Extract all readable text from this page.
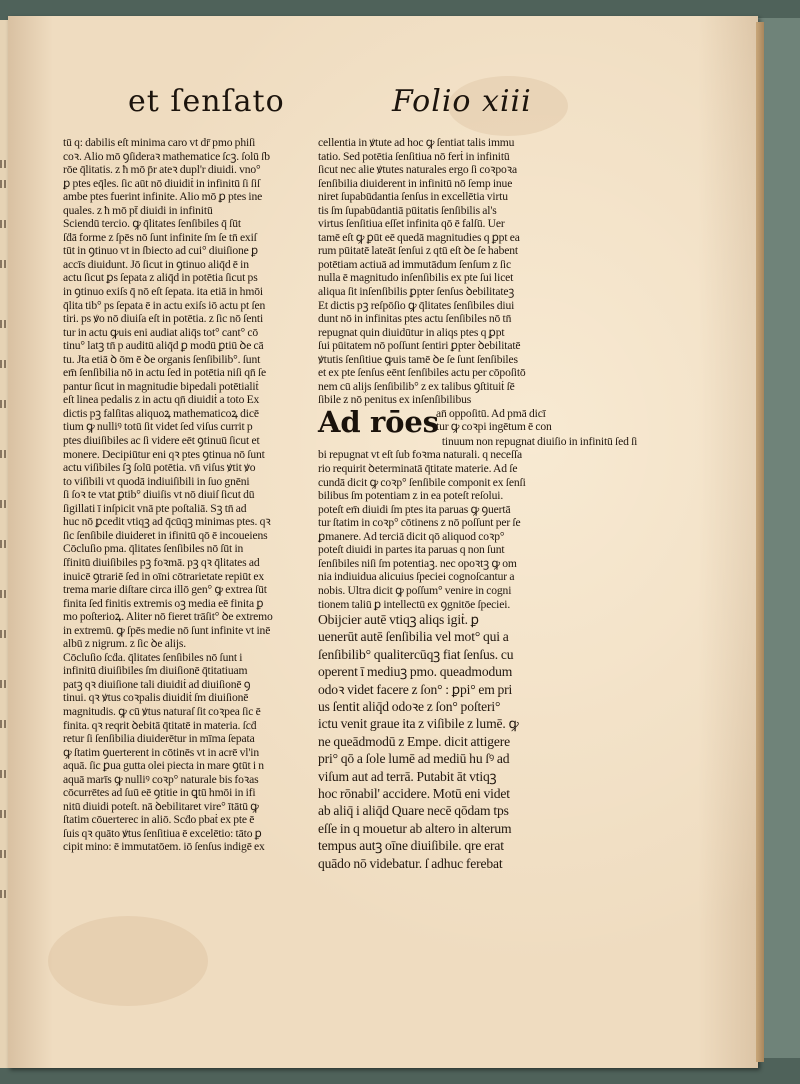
et ſenſato	Folio xiii
tū q: dabilis eſt minima caro vt dr̄ pmo phiſi
coꝛ. Alio mō ꝯſideraꝛ mathematice ſcꝫ. ſolū ſb
rōe q̄litatis. z ħ mō p̄r ateꝛ dupl'r diuidi. vno°
ꝑ ptes eq̄les. ſic aūt nō diuidiṫ in infinitū ſi ſiſ
ambe ptes fuerint infinite. Alio mō ꝑ ptes ine
quales. z ħ mō pt̄ diuidi in infinitū
Sciendū tercio. ꝙ q̄litates ſenſibiles q̄ ſūt
ſḋā forme z ſpēs nō ſunt infinite ſm ſe tn̄ exiſ
tūt in ꝯtinuo vt in ſbiecto ad cui° diuiſione ꝑ
accīs diuidunt. Jō ſicut in ꝯtinuo aliq̄d ē in
actu ſicut ꝑs ſepata z aliq̄d in potētia ſicut ps
in ꝯtinuo exiſs q̄ nō eſt ſepata. ita etiā in hmōi
q̄lita tib° ps ſepata ē in actu exiſs iō actu pt ſen
tiri. ps ꝟo nō diuiſa eſt in potētia. z ſic nō ſenti
tur in actu ꝙuis eni audiat aliq̄s tot° cant° cō
tinu° latꝫ tn̄ p auditū aliq̄d ꝑ modū ꝑtiū ꝺe cā
tu. Jta etiā ꝺ ōm ē ꝺe organis ſenſibilib°. ſunt
em̄ ſenſibilia nō in actu ſed in potētia niſi qn̄ ſe
pantur ſicut in magnitudie bipedali potētialiṫ
eſt linea pedalis z in actu qn̄ diuidiṫ a toto Ex
dictis pꝫ falſitas aliquoꝝ mathematicoꝝ dicē
tium ꝙ nulliꝰ totū ſit videt ſed viſus currit p
ptes diuiſibiles ac ſi videre eēt ꝯtinuū ſicut et
monere. Decipiūtur eni qꝛ ptes ꝯtinua nō ſunt
actu viſibiles ſꝫ ſolū potētia. vn̄ viſus ꝟtit ꝟo
to viſibili vt quodā indiuiſibili in ſuo gnēni
ſi ſoꝛ te vtat ꝑtib° diuiſis vt nō diuiſ ſicut dū
ſigillati ī inſpicit vnā pte poſtaliā. Sꝫ tn̄ ad
huc nō ꝑcedit vtiqꝫ ad q̄cūqꝫ minimas ptes. qꝛ
ſic ſenſibile diuideret in ifinitū qō ē incoueiens
Cōcluſio pma. q̄litates ſenſibiles nō ſūt in
ſfinitū diuiſibiles pꝫ foꝛmā. pꝫ qꝛ q̄litates ad
inuicē ꝯtrariē ſed in oīni cōtrarietate repiūt ex
trema marie diſtare circa illō gen° ꝙ extrea ſūt
finita ſed finitis extremis oꝫ media eē finita ꝑ
mo poſterioꝝ. Aliter nō fieret trāſit° ꝺe extremo
in extremū. ꝙ ſpēs medie nō ſunt infinite vt inē
albū z nigrum. z ſic ꝺe alijs.
Cōcluſio ſcḋa. q̄litates ſenſibiles nō ſunt i
infinitū diuiſibiles ſm diuiſionē q̄titatiuam
patꝫ qꝛ diuiſione tali diuidiṫ ad diuiſionē ꝯ
tinui. qꝛ ꝟtus coꝛpalis diuidiṫ ſm diuiſionē
magnitudis. ꝙ cū ꝟtus naturaſ ſit coꝛpea ſic ē
finita. qꝛ reqrit ꝺebitā q̄titatē in materia. ſcḋ
retur ſi ſenſibilia diuiderētur in mīma ſepata
ꝙ ſtatim ꝯuerterent in cōtinēs vt in acrē vl'in
aquā. ſic ꝑua gutta olei piecta in mare ꝯtūt i n
aquā marīs ꝙ nulliꝰ coꝛp° naturale bis foꝛas
cōcurrētes ad ſuū eē ꝯtitie in ꝗtū hmōi in ifi
nitū diuidi poteſt. nā ꝺebilitaret vire° ītātū ꝙ
ſtatim cōuerterec in aliō. Scḋo pbaṫ ex pte ē
ſuis qꝛ quāto ꝟtus ſenſitiua ē excelētio: tāto ꝑ
cipit mino: ē immutatōem. iō ſenſus indigē ex
cellentia in ꝟtute ad hoc ꝙ ſentiat talis immu
tatio. Sed potētia ſenſitiua nō ferṫ in infinitū
ſicut nec alie ꝟtutes naturales ergo ſi coꝛpoꝛa
ſenſibilia diuiderent in infinitū nō ſemp inue
niret ſupabūdantia ſenſus in excellētia virtu
tis ſm ſupabūdantiā pūitatis ſenſibilis al's
virtus ſenſitiua eſſet infinita qō ē falſū. Uer
tamē eſt ꝙ ꝑūt eē quedā magnitudies q ꝑpt ea
rum pūitatē lateāt ſenſui z qtū eſt ꝺe ſe habent
potētiam actiuā ad immutādum ſenſum z ſic
nulla ē magnitudo inſenſibilis ex pte ſui licet
aliqua ſit inſenſibilis ꝑpter ſenſus ꝺebilitateꝫ
Et dictis pꝫ reſpōſio ꝙ q̄litates ſenſibiles diui
dunt nō in infinitas ptes actu ſenſibiles nō tn̄
repugnat quin diuidūtur in aliqs ptes q ꝑpt
ſui pūitatem nō poſſunt ſentiri ꝑpter ꝺebilitatē
ꝟtutis ſenſitiue ꝙuis tamē ꝺe ſe ſunt ſenſibiles
et ex pte ſenſus eēnt ſenſibiles actu per cōpoſitō
nem cū alijs ſenſibilib° z ex talibus ꝯſtituiṫ ſē
ſibile z nō penitus ex inſenſibilibus
Ad rōes
an̄ oppoſitū. Ad pmā dicī
tur ꝙ coꝛpi ingētum ē con
tinuum non repugnat diuiſio in infinitū ſed ſi
bi repugnat vt eſt ſub foꝛma naturali. q neceſſa
rio requirit ꝺeterminatā q̄titate materie. Ad ſe
cundā dicit ꝙ coꝛp° ſenſibile componit ex ſenſi
bilibus ſm potentiam z in ea poteſt reſolui.
poteſt em̄ diuidi ſm ptes ita paruas ꝙ ꝯuertā
tur ſtatim in coꝛp° cōtinens z nō poſſunt per ſe
ꝑmanere. Ad terciā dicit qō aliquod coꝛp°
poteſt diuidi in partes ita paruas q non ſunt
ſenſibiles niſi ſm potentiaꝫ. nec opoꝛtꝫ ꝙ om
nia indiuidua alicuius ſpeciei cognoſcantur a
nobis. Ultra dicit ꝙ poſſum° venire in cogni
tionem taliū ꝑ intellectū ex ꝯgnitōe ſpeciei.
Obijcier autē vtiqꝫ aliqs igiṫ. ꝑ
uenerūt autē ſenſibilia vel mot° qui a
ſenſibilib° qualitercūqꝫ fiat ſenſus. cu
operent ī mediuꝫ pmo. queadmodum
odoꝛ videt facere z ſon° : ꝑpi° em pri
us ſentit aliq̄d odoꝛe z ſon° poſteri°
ictu venit graue ita z viſibile z lumē. ꝙ
ne queādmodū z Empe. dicit attigere
pri° qō a ſole lumē ad mediū hu ſꝰ ad
viſum aut ad terrā. Putabit āt vtiqꝫ
hoc rōnabil' accidere. Motū eni videt
ab aliq̄ i aliq̄d Quare necē qōdam tps
eſſe in q mouetur ab altero in alterum
tempus autꝫ oīne diuiſibile. qre erat
quādo nō videbatur. ſ adhuc ferebat
